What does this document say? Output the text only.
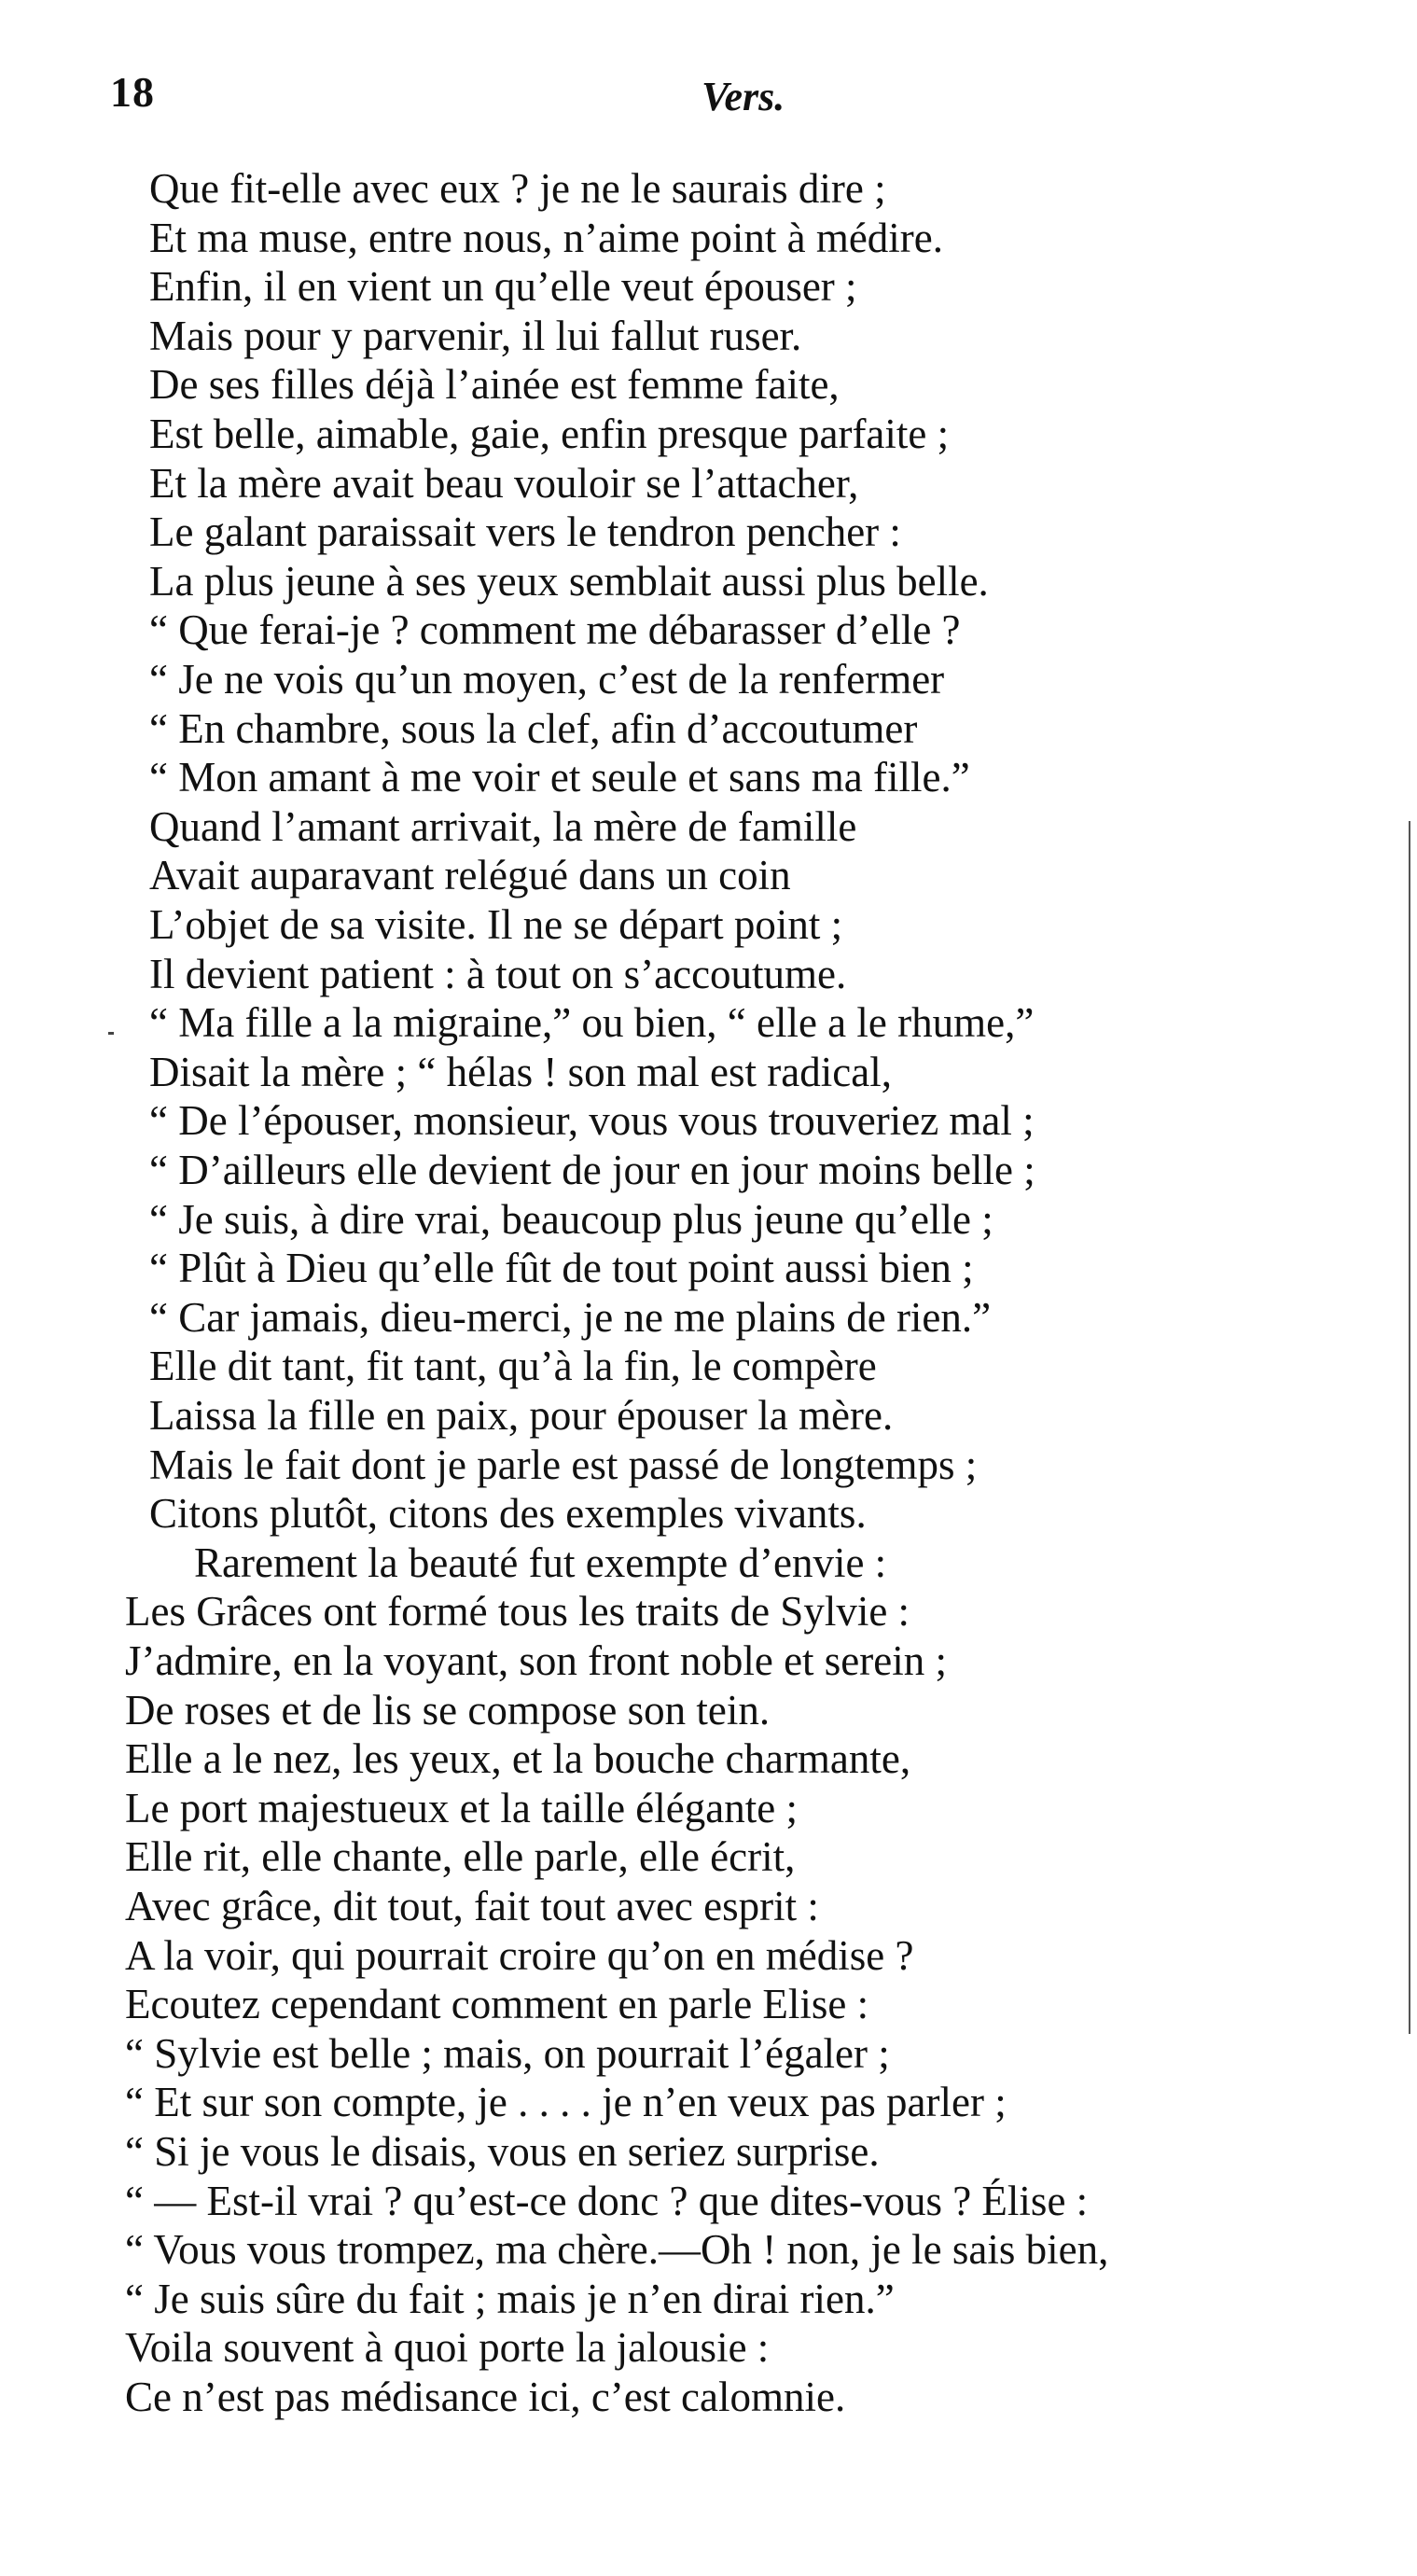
18	Vers.
Que fit-elle avec eux ? je ne le saurais dire ;
Et ma muse, entre nous, n’aime point à médire.
Enfin, il en vient un qu’elle veut épouser ;
Mais pour y parvenir, il lui fallut ruser.
De ses filles déjà l’ainée est femme faite,
Est belle, aimable, gaie, enfin presque parfaite ;
Et la mère avait beau vouloir se l’attacher,
Le galant paraissait vers le tendron pencher :
La plus jeune à ses yeux semblait aussi plus belle.
“ Que ferai-je ? comment me débarasser d’elle ?
“ Je ne vois qu’un moyen, c’est de la renfermer
“ En chambre, sous la clef, afin d’accoutumer
“ Mon amant à me voir et seule et sans ma fille.”
Quand l’amant arrivait, la mère de famille
Avait auparavant relégué dans un coin
L’objet de sa visite. Il ne se départ point ;
Il devient patient : à tout on s’accoutume.
“ Ma fille a la migraine,” ou bien, “ elle a le rhume,”
Disait la mère ; “ hélas ! son mal est radical,
“ De l’épouser, monsieur, vous vous trouveriez mal ;
“ D’ailleurs elle devient de jour en jour moins belle ;
“ Je suis, à dire vrai, beaucoup plus jeune qu’elle ;
“ Plût à Dieu qu’elle fût de tout point aussi bien ;
“ Car jamais, dieu-merci, je ne me plains de rien.”
Elle dit tant, fit tant, qu’à la fin, le compère
Laissa la fille en paix, pour épouser la mère.
Mais le fait dont je parle est passé de longtemps ;
Citons plutôt, citons des exemples vivants.
Rarement la beauté fut exempte d’envie :
Les Grâces ont formé tous les traits de Sylvie :
J’admire, en la voyant, son front noble et serein ;
De roses et de lis se compose son tein.
Elle a le nez, les yeux, et la bouche charmante,
Le port majestueux et la taille élégante ;
Elle rit, elle chante, elle parle, elle écrit,
Avec grâce, dit tout, fait tout avec esprit :
A la voir, qui pourrait croire qu’on en médise ?
Ecoutez cependant comment en parle Elise :
“ Sylvie est belle ; mais, on pourrait l’égaler ;
“ Et sur son compte, je . . . . je n’en veux pas parler ;
“ Si je vous le disais, vous en seriez surprise.
“ — Est-il vrai ? qu’est-ce donc ? que dites-vous ? Élise :
“ Vous vous trompez, ma chère.—Oh ! non, je le sais bien,
“ Je suis sûre du fait ; mais je n’en dirai rien.”
Voila souvent à quoi porte la jalousie :
Ce n’est pas médisance ici, c’est calomnie.
